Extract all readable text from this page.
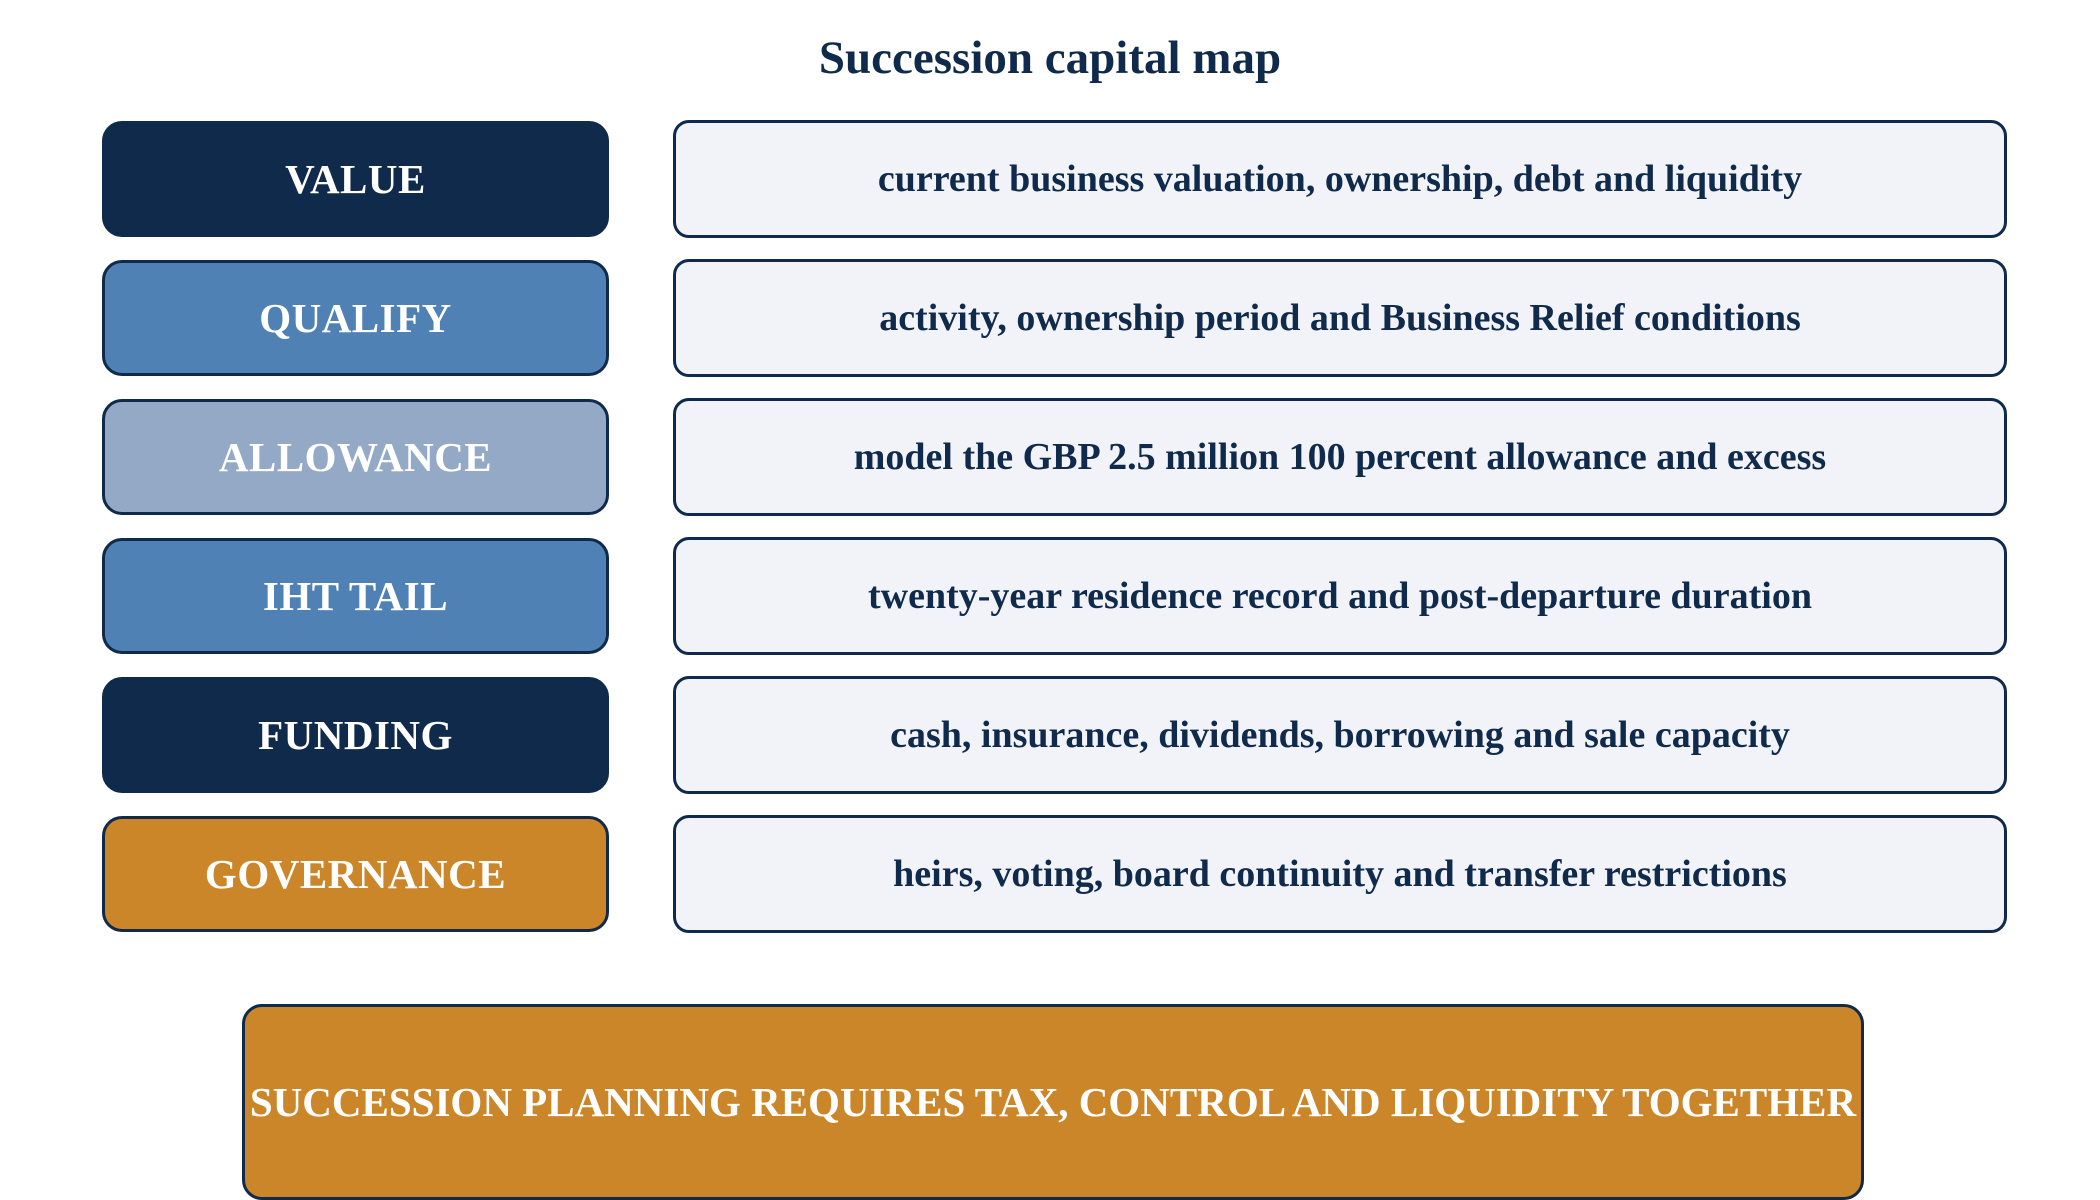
Succession capital map
VALUE	current business valuation, ownership, debt and liquidity
QUALIFY	activity, ownership period and Business Relief conditions
ALLOWANCE	model the GBP 2.5 million 100 percent allowance and excess
IHT TAIL	twenty-year residence record and post-departure duration
FUNDING	cash, insurance, dividends, borrowing and sale capacity
GOVERNANCE	heirs, voting, board continuity and transfer restrictions
SUCCESSION PLANNING REQUIRES TAX, CONTROL AND LIQUIDITY TOGETHER
